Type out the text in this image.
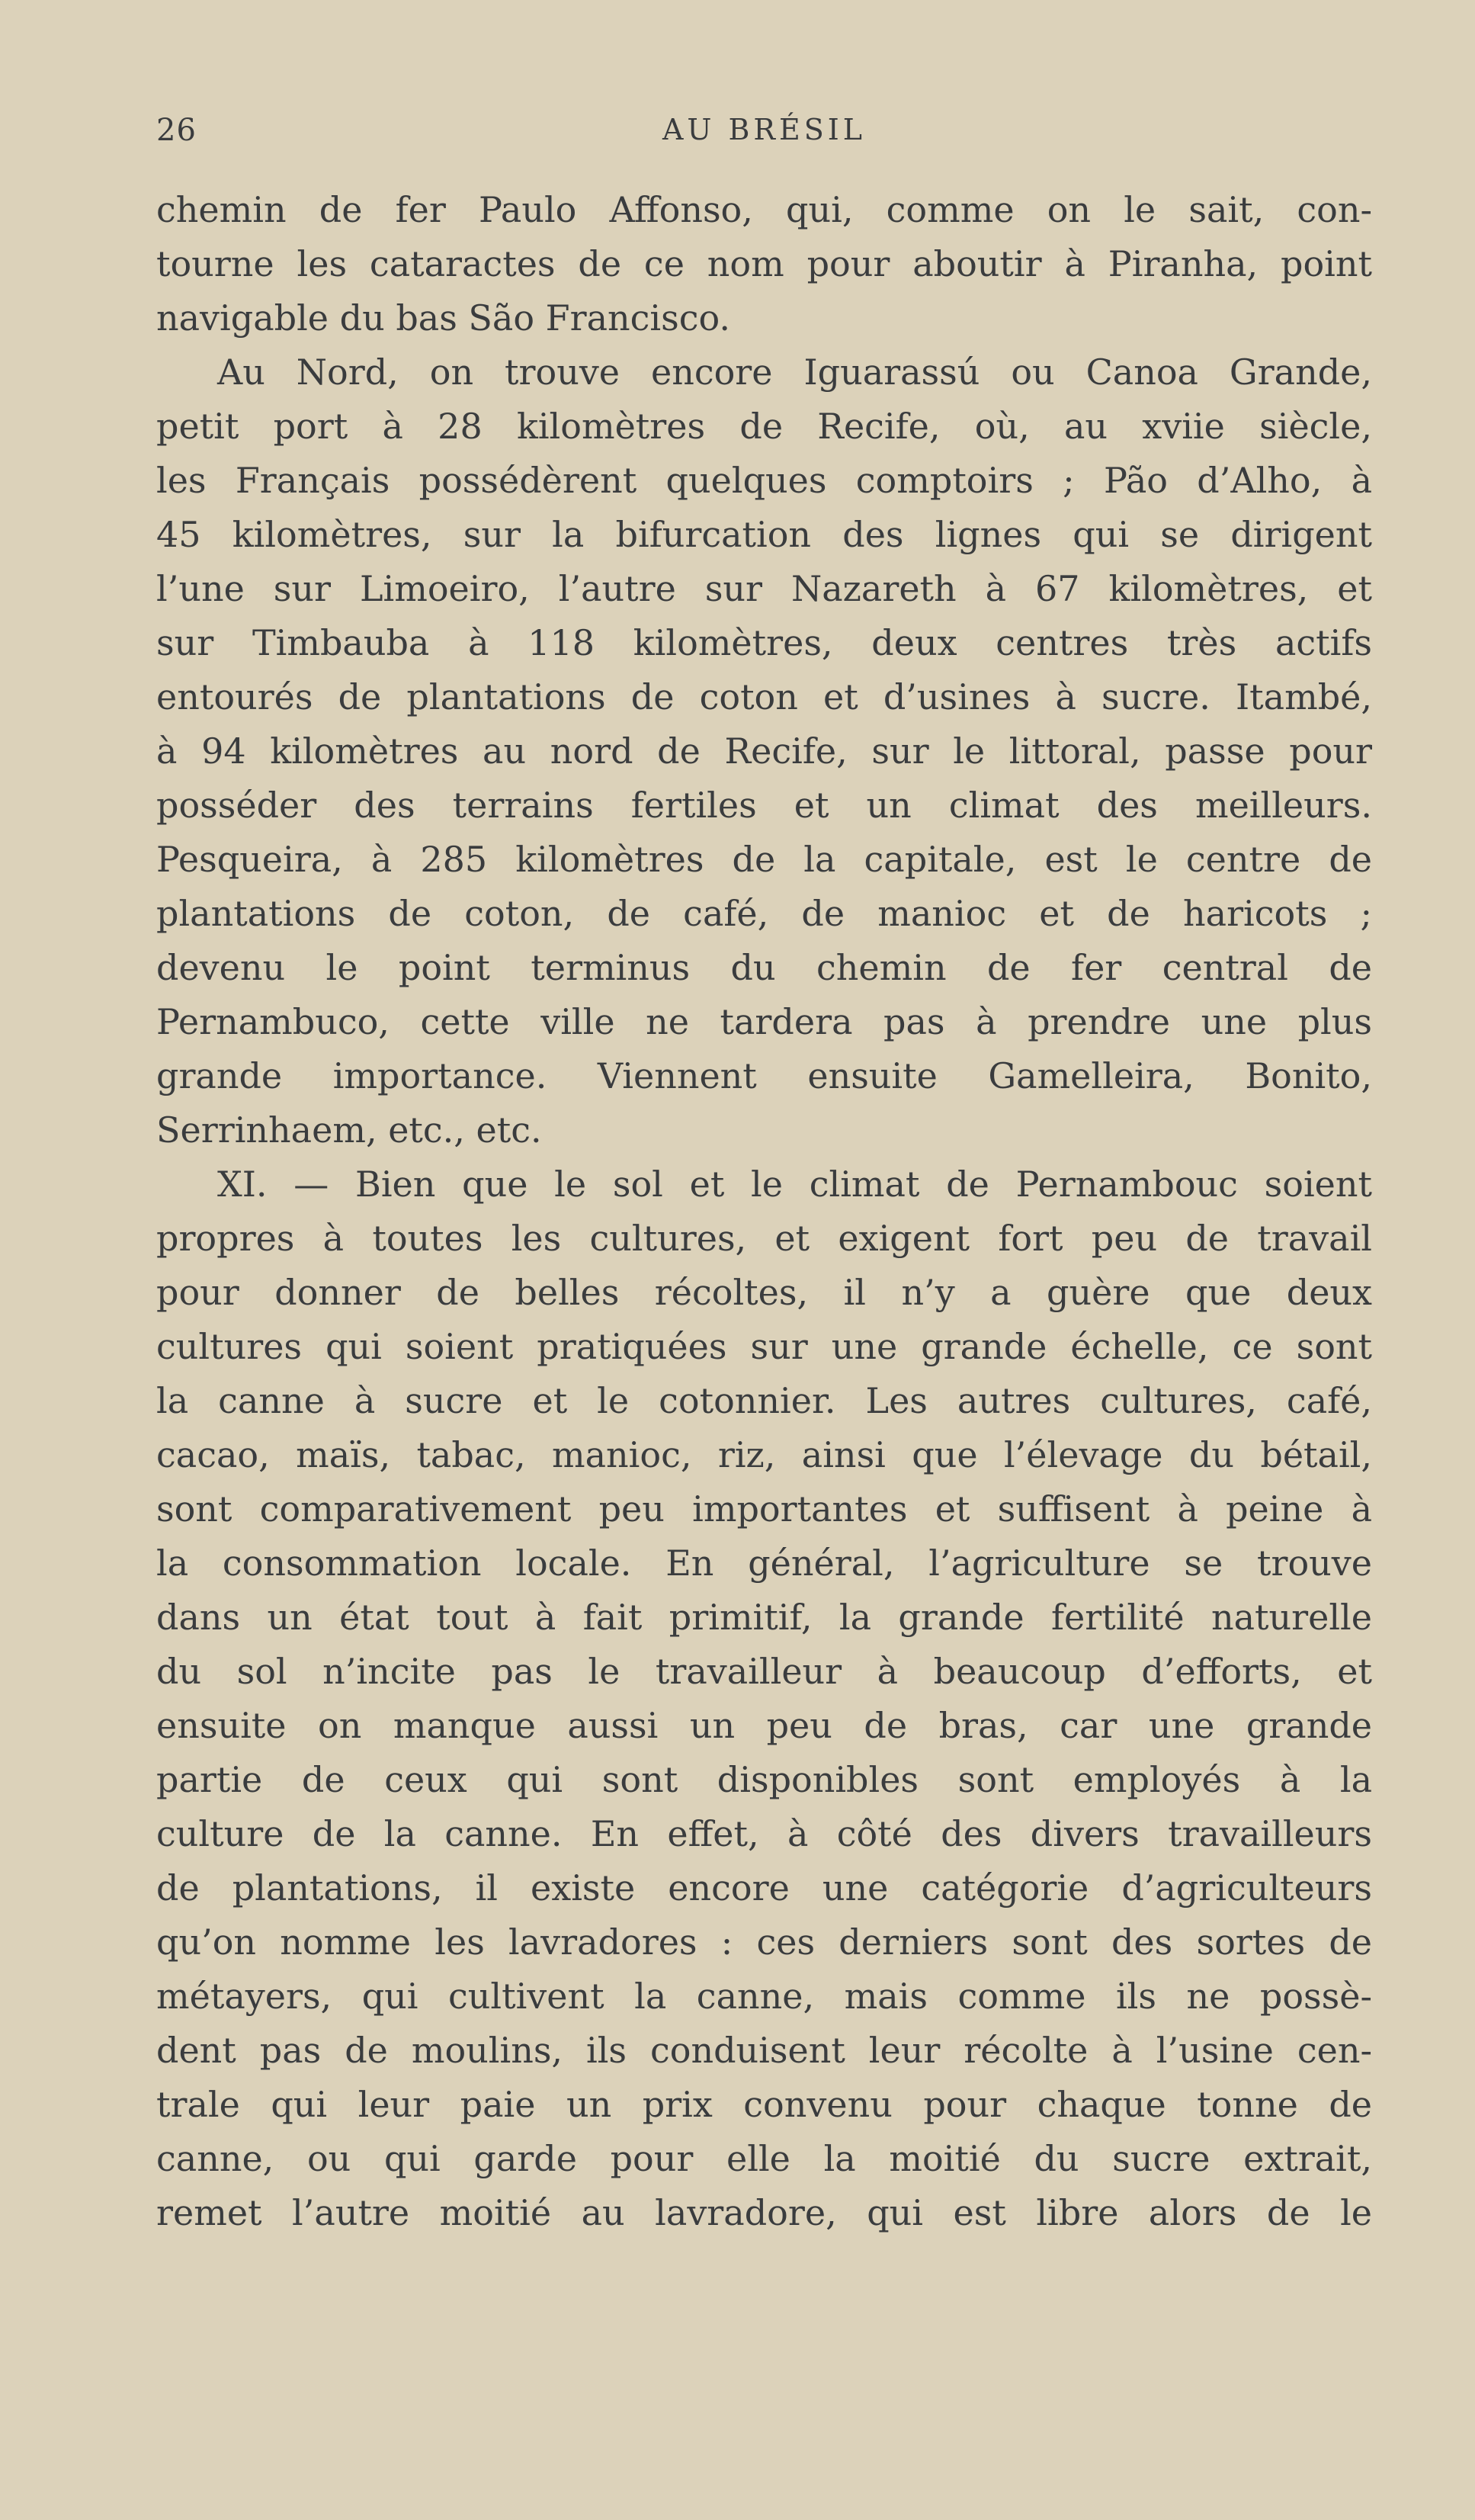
26	AU BRÉSIL
chemin de fer Paulo Affonso, qui, comme on le sait, con-
tourne les cataractes de ce nom pour aboutir à Piranha, point
navigable du bas São Francisco.
Au Nord, on trouve encore Iguarassú ou Canoa Grande,
petit port à 28 kilomètres de Recife, où, au xviie siècle,
les Français possédèrent quelques comptoirs ; Pão d’Alho, à
45 kilomètres, sur la bifurcation des lignes qui se dirigent
l’une sur Limoeiro, l’autre sur Nazareth à 67 kilomètres, et
sur Timbauba à 118 kilomètres, deux centres très actifs
entourés de plantations de coton et d’usines à sucre. Itambé,
à 94 kilomètres au nord de Recife, sur le littoral, passe pour
posséder des terrains fertiles et un climat des meilleurs.
Pesqueira, à 285 kilomètres de la capitale, est le centre de
plantations de coton, de café, de manioc et de haricots ;
devenu le point terminus du chemin de fer central de
Pernambuco, cette ville ne tardera pas à prendre une plus
grande importance. Viennent ensuite Gamelleira, Bonito,
Serrinhaem, etc., etc.
XI. — Bien que le sol et le climat de Pernambouc soient
propres à toutes les cultures, et exigent fort peu de travail
pour donner de belles récoltes, il n’y a guère que deux
cultures qui soient pratiquées sur une grande échelle, ce sont
la canne à sucre et le cotonnier. Les autres cultures, café,
cacao, maïs, tabac, manioc, riz, ainsi que l’élevage du bétail,
sont comparativement peu importantes et suffisent à peine à
la consommation locale. En général, l’agriculture se trouve
dans un état tout à fait primitif, la grande fertilité naturelle
du sol n’incite pas le travailleur à beaucoup d’efforts, et
ensuite on manque aussi un peu de bras, car une grande
partie de ceux qui sont disponibles sont employés à la
culture de la canne. En effet, à côté des divers travailleurs
de plantations, il existe encore une catégorie d’agriculteurs
qu’on nomme les lavradores : ces derniers sont des sortes de
métayers, qui cultivent la canne, mais comme ils ne possè-
dent pas de moulins, ils conduisent leur récolte à l’usine cen-
trale qui leur paie un prix convenu pour chaque tonne de
canne, ou qui garde pour elle la moitié du sucre extrait,
remet l’autre moitié au lavradore, qui est libre alors de le
